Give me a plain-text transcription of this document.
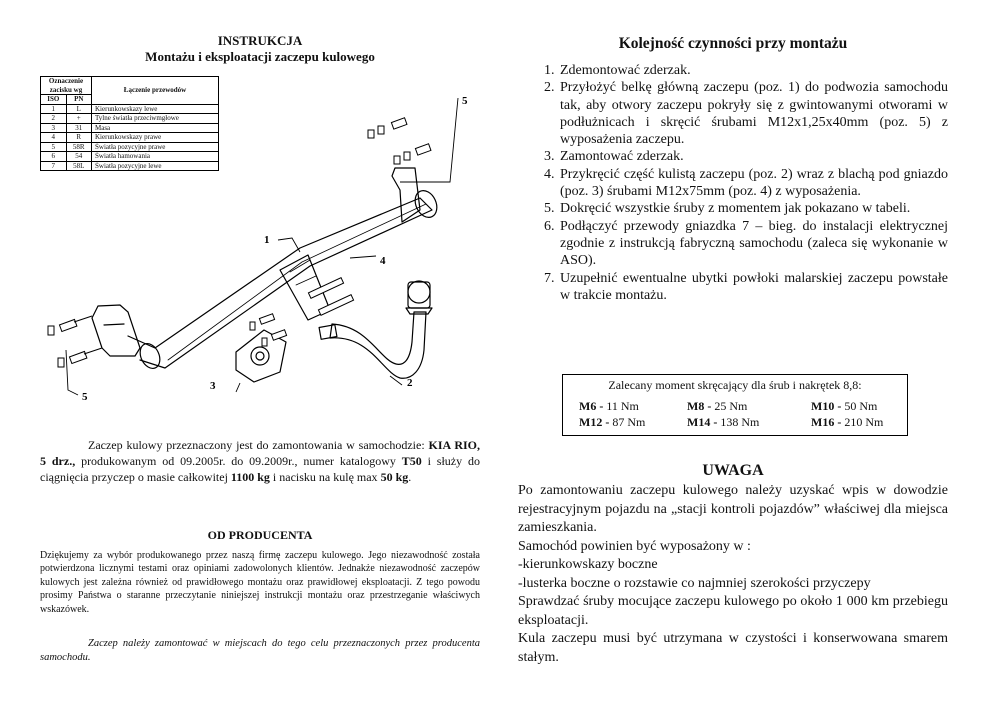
INSTRUKCJA
Montażu i eksploatacji zaczepu kulowego
Oznaczenie zacisku wg		Łączenie przewodów
ISO	PN	
1	L	Kierunkowskazy lewe
2	+	Tylne światła przeciwmgłowe
3	31	Masa
4	R	Kierunkowskazy prawe
5	58R	Światła pozycyjne prawe
6	54	Światła hamowania
7	58L	Światła pozycyjne lewe
1
5
4
3	2
5

Zaczep kulowy przeznaczony jest do zamontowania w samochodzie: KIA RIO, 5 drz., produkowanym od 09.2005r. do 09.2009r., numer katalogowy T50 i służy do ciągnięcia przyczep o masie całkowitej 1100 kg i nacisku na kulę max 50 kg.

OD PRODUCENTA

Dziękujemy za wybór produkowanego przez naszą firmę zaczepu kulowego. Jego niezawodność została potwierdzona licznymi testami oraz opiniami zadowolonych klientów. Jednakże niezawodność zaczepów kulowych jest zależna również od prawidłowego montażu oraz prawidłowej eksploatacji. Z tego powodu prosimy Państwa o staranne przeczytanie niniejszej instrukcji montażu oraz przestrzeganie właściwych wskazówek.

Zaczep należy zamontować w miejscach do tego celu przeznaczonych przez producenta samochodu.

Kolejność czynności przy montażu
1. Zdemontować zderzak.
2. Przyłożyć belkę główną zaczepu (poz. 1) do podwozia samochodu tak, aby otwory zaczepu pokryły się z gwintowanymi otworami w podłużnicach i skręcić śrubami M12x1,25x40mm (poz. 5) z wyposażenia zaczepu.
3. Zamontować zderzak.
4. Przykręcić część kulistą zaczepu (poz. 2) wraz z blachą pod gniazdo (poz. 3) śrubami M12x75mm (poz. 4) z wyposażenia.
5. Dokręcić wszystkie śruby z momentem jak pokazano w tabeli.
6. Podłączyć przewody gniazdka 7 – bieg. do instalacji elektrycznej zgodnie z instrukcją fabryczną samochodu (zaleca się wykonanie w ASO).
7. Uzupełnić ewentualne ubytki powłoki malarskiej zaczepu powstałe w trakcie montażu.
Zalecany moment skręcający dla śrub i nakrętek 8,8:
M6 - 11 Nm	M8 - 25 Nm	M10 - 50 Nm
M12 - 87 Nm	M14 - 138 Nm	M16 - 210 Nm
UWAGA

Po zamontowaniu zaczepu kulowego należy uzyskać wpis w dowodzie rejestracyjnym pojazdu na „stacji kontroli pojazdów” właściwej dla miejsca zamieszkania.

Samochód powinien być wyposażony w :

-kierunkowskazy boczne

-lusterka boczne o rozstawie co najmniej szerokości przyczepy

Sprawdzać śruby mocujące zaczepu kulowego po około 1 000 km przebiegu eksploatacji.

Kula zaczepu musi być utrzymana w czystości i konserwowana smarem stałym.
